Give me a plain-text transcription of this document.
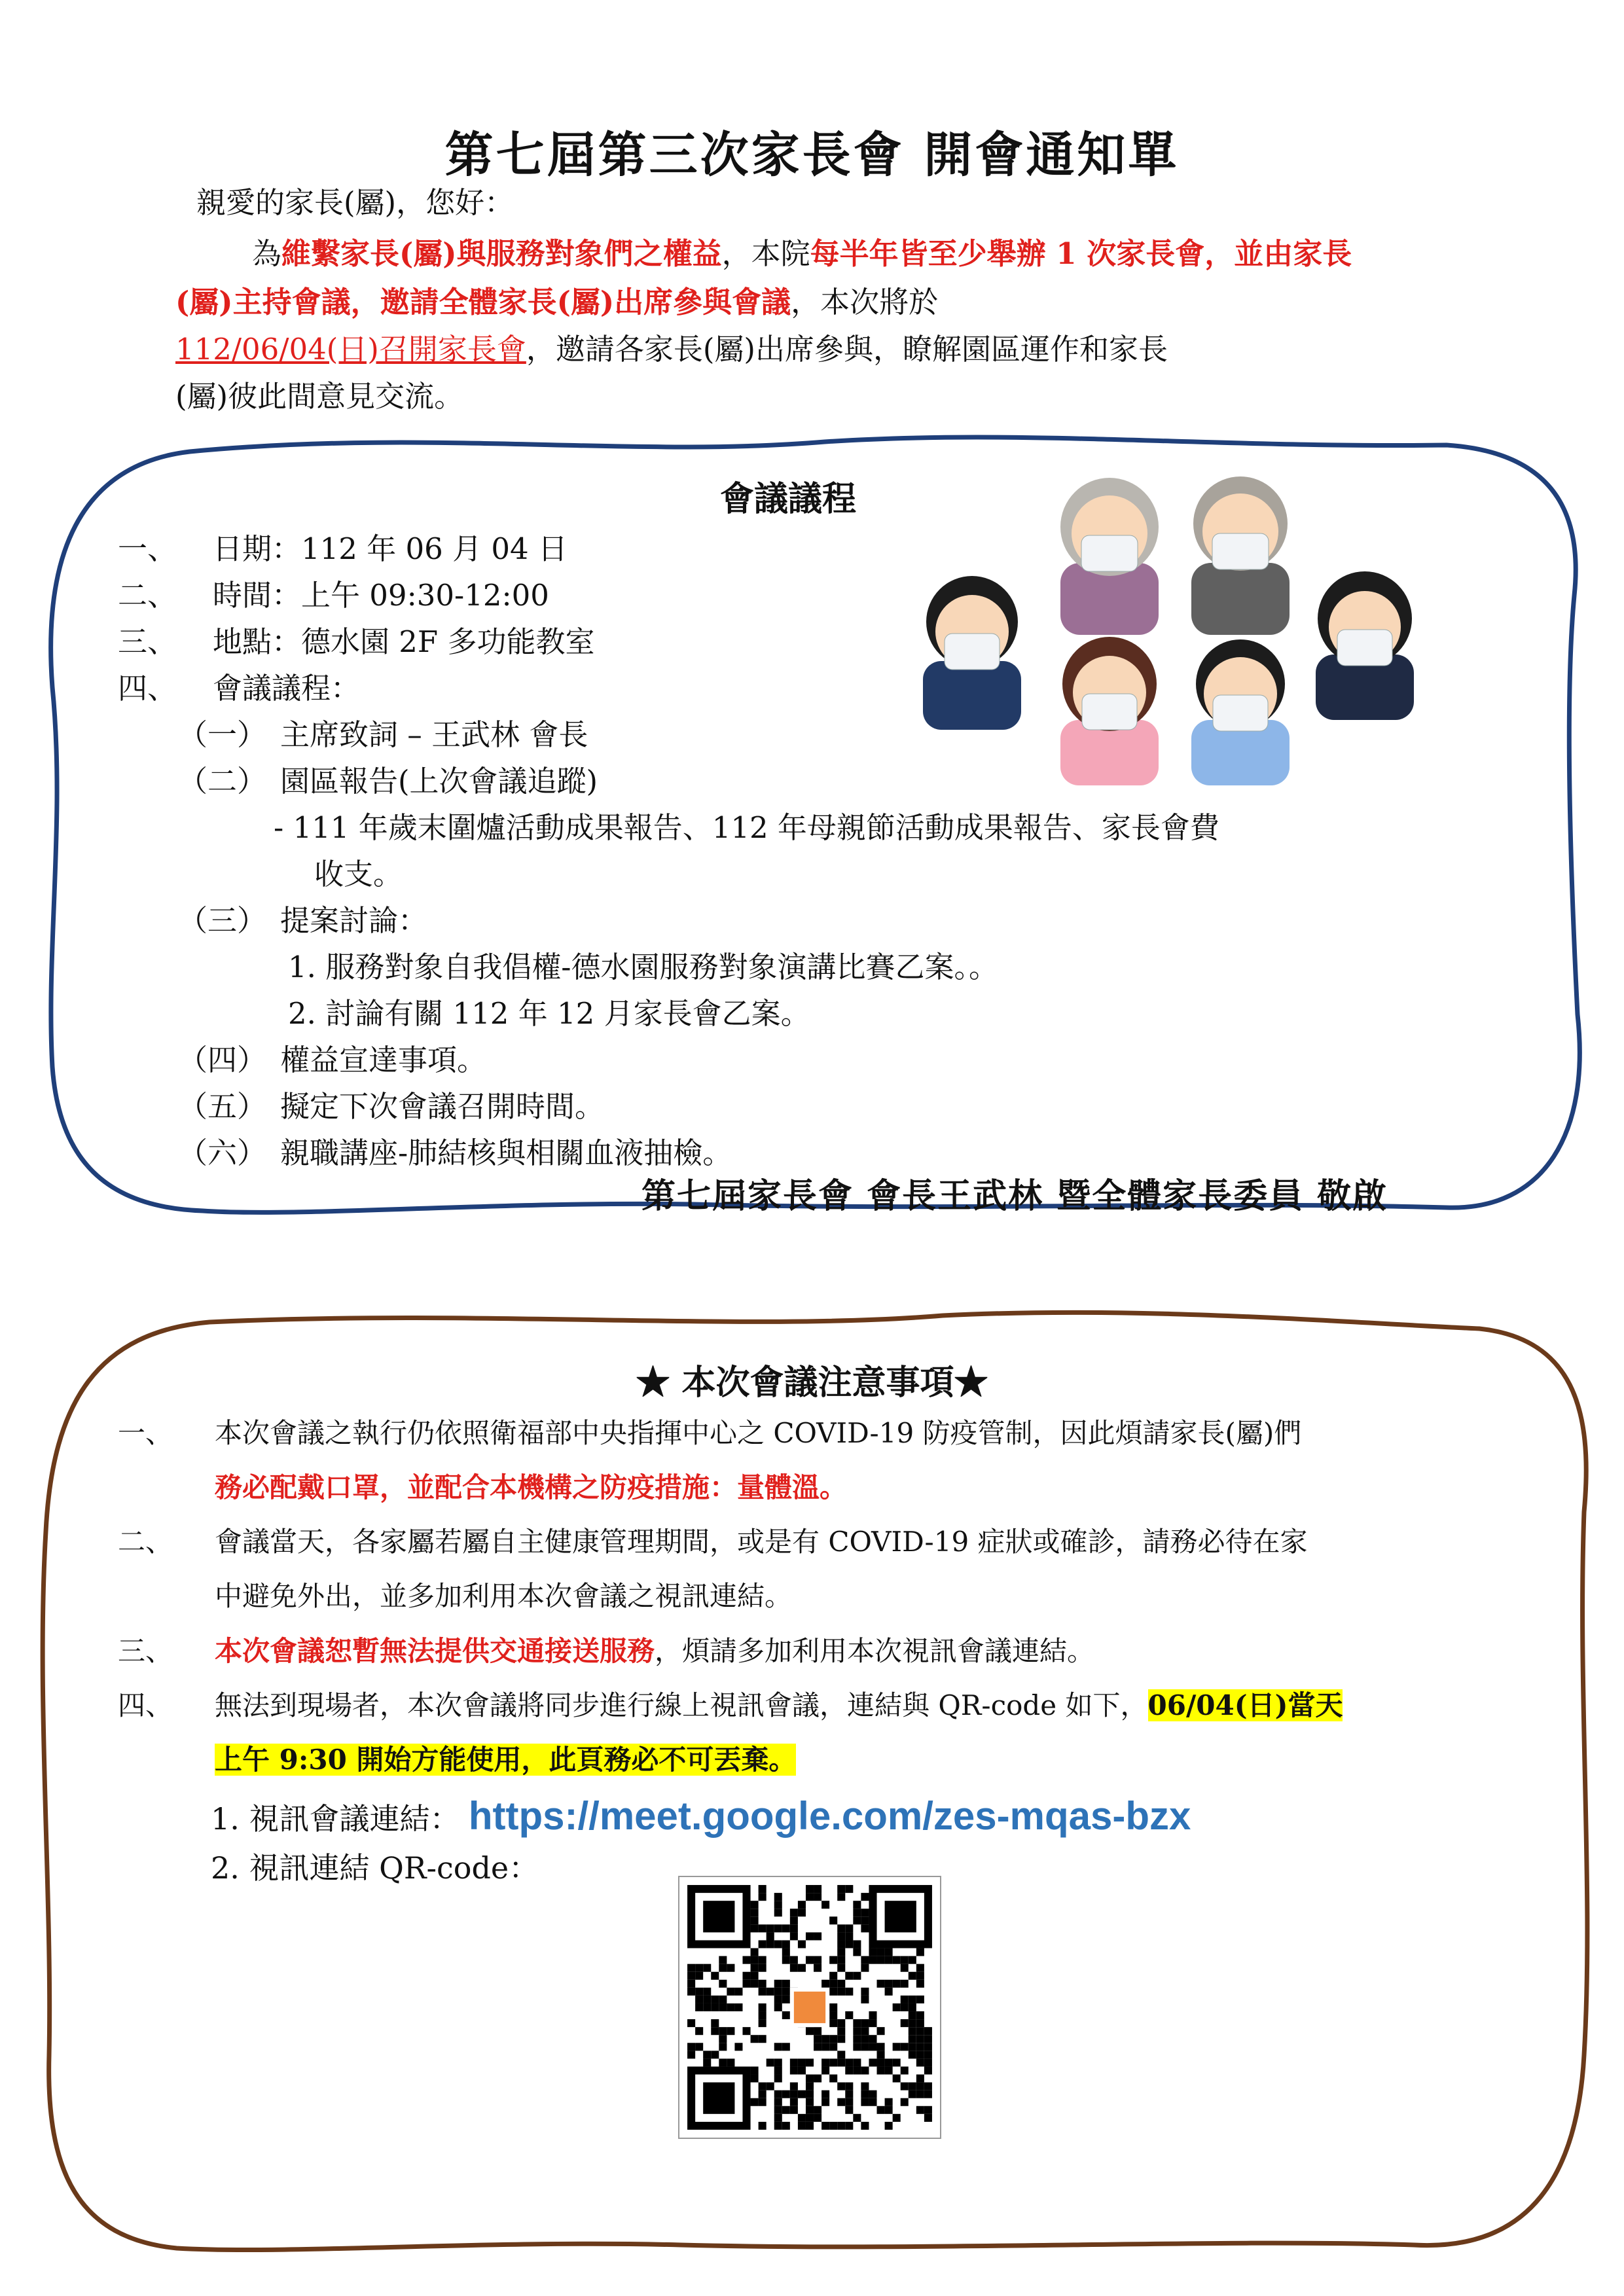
第七屆第三次家長會 開會通知單
親愛的家長(屬)，您好：
為維繫家長(屬)與服務對象們之權益，本院每半年皆至少舉辦 1 次家長會，並由家長
(屬)主持會議，邀請全體家長(屬)出席參與會議，本次將於
112/06/04(日)召開家長會，邀請各家長(屬)出席參與，瞭解園區運作和家長
(屬)彼此間意見交流。
會議議程
一、 日期：112 年 06 月 04 日
二、 時間：上午 09:30-12:00
三、 地點：德水園 2F 多功能教室
四、 會議議程：
（一） 主席致詞 – 王武林 會長
（二） 園區報告(上次會議追蹤)
- 111 年歲末圍爐活動成果報告、112 年母親節活動成果報告、家長會費
收支。
（三） 提案討論：
1. 服務對象自我倡權-德水園服務對象演講比賽乙案。。
2. 討論有關 112 年 12 月家長會乙案。
（四） 權益宣達事項。
（五） 擬定下次會議召開時間。
（六） 親職講座-肺結核與相關血液抽檢。
第七屆家長會 會長王武林 暨全體家長委員 敬啟
★ 本次會議注意事項★
一、 本次會議之執行仍依照衛福部中央指揮中心之 COVID-19 防疫管制，因此煩請家長(屬)們
務必配戴口罩，並配合本機構之防疫措施：量體溫。
二、 會議當天，各家屬若屬自主健康管理期間，或是有 COVID-19 症狀或確診，請務必待在家
中避免外出，並多加利用本次會議之視訊連結。
三、 本次會議恕暫無法提供交通接送服務，煩請多加利用本次視訊會議連結。
四、 無法到現場者，本次會議將同步進行線上視訊會議，連結與 QR-code 如下，06/04(日)當天
上午 9:30 開始方能使用，此頁務必不可丟棄。
1. 視訊會議連結： https://meet.google.com/zes-mqas-bzx
2. 視訊連結 QR-code：
